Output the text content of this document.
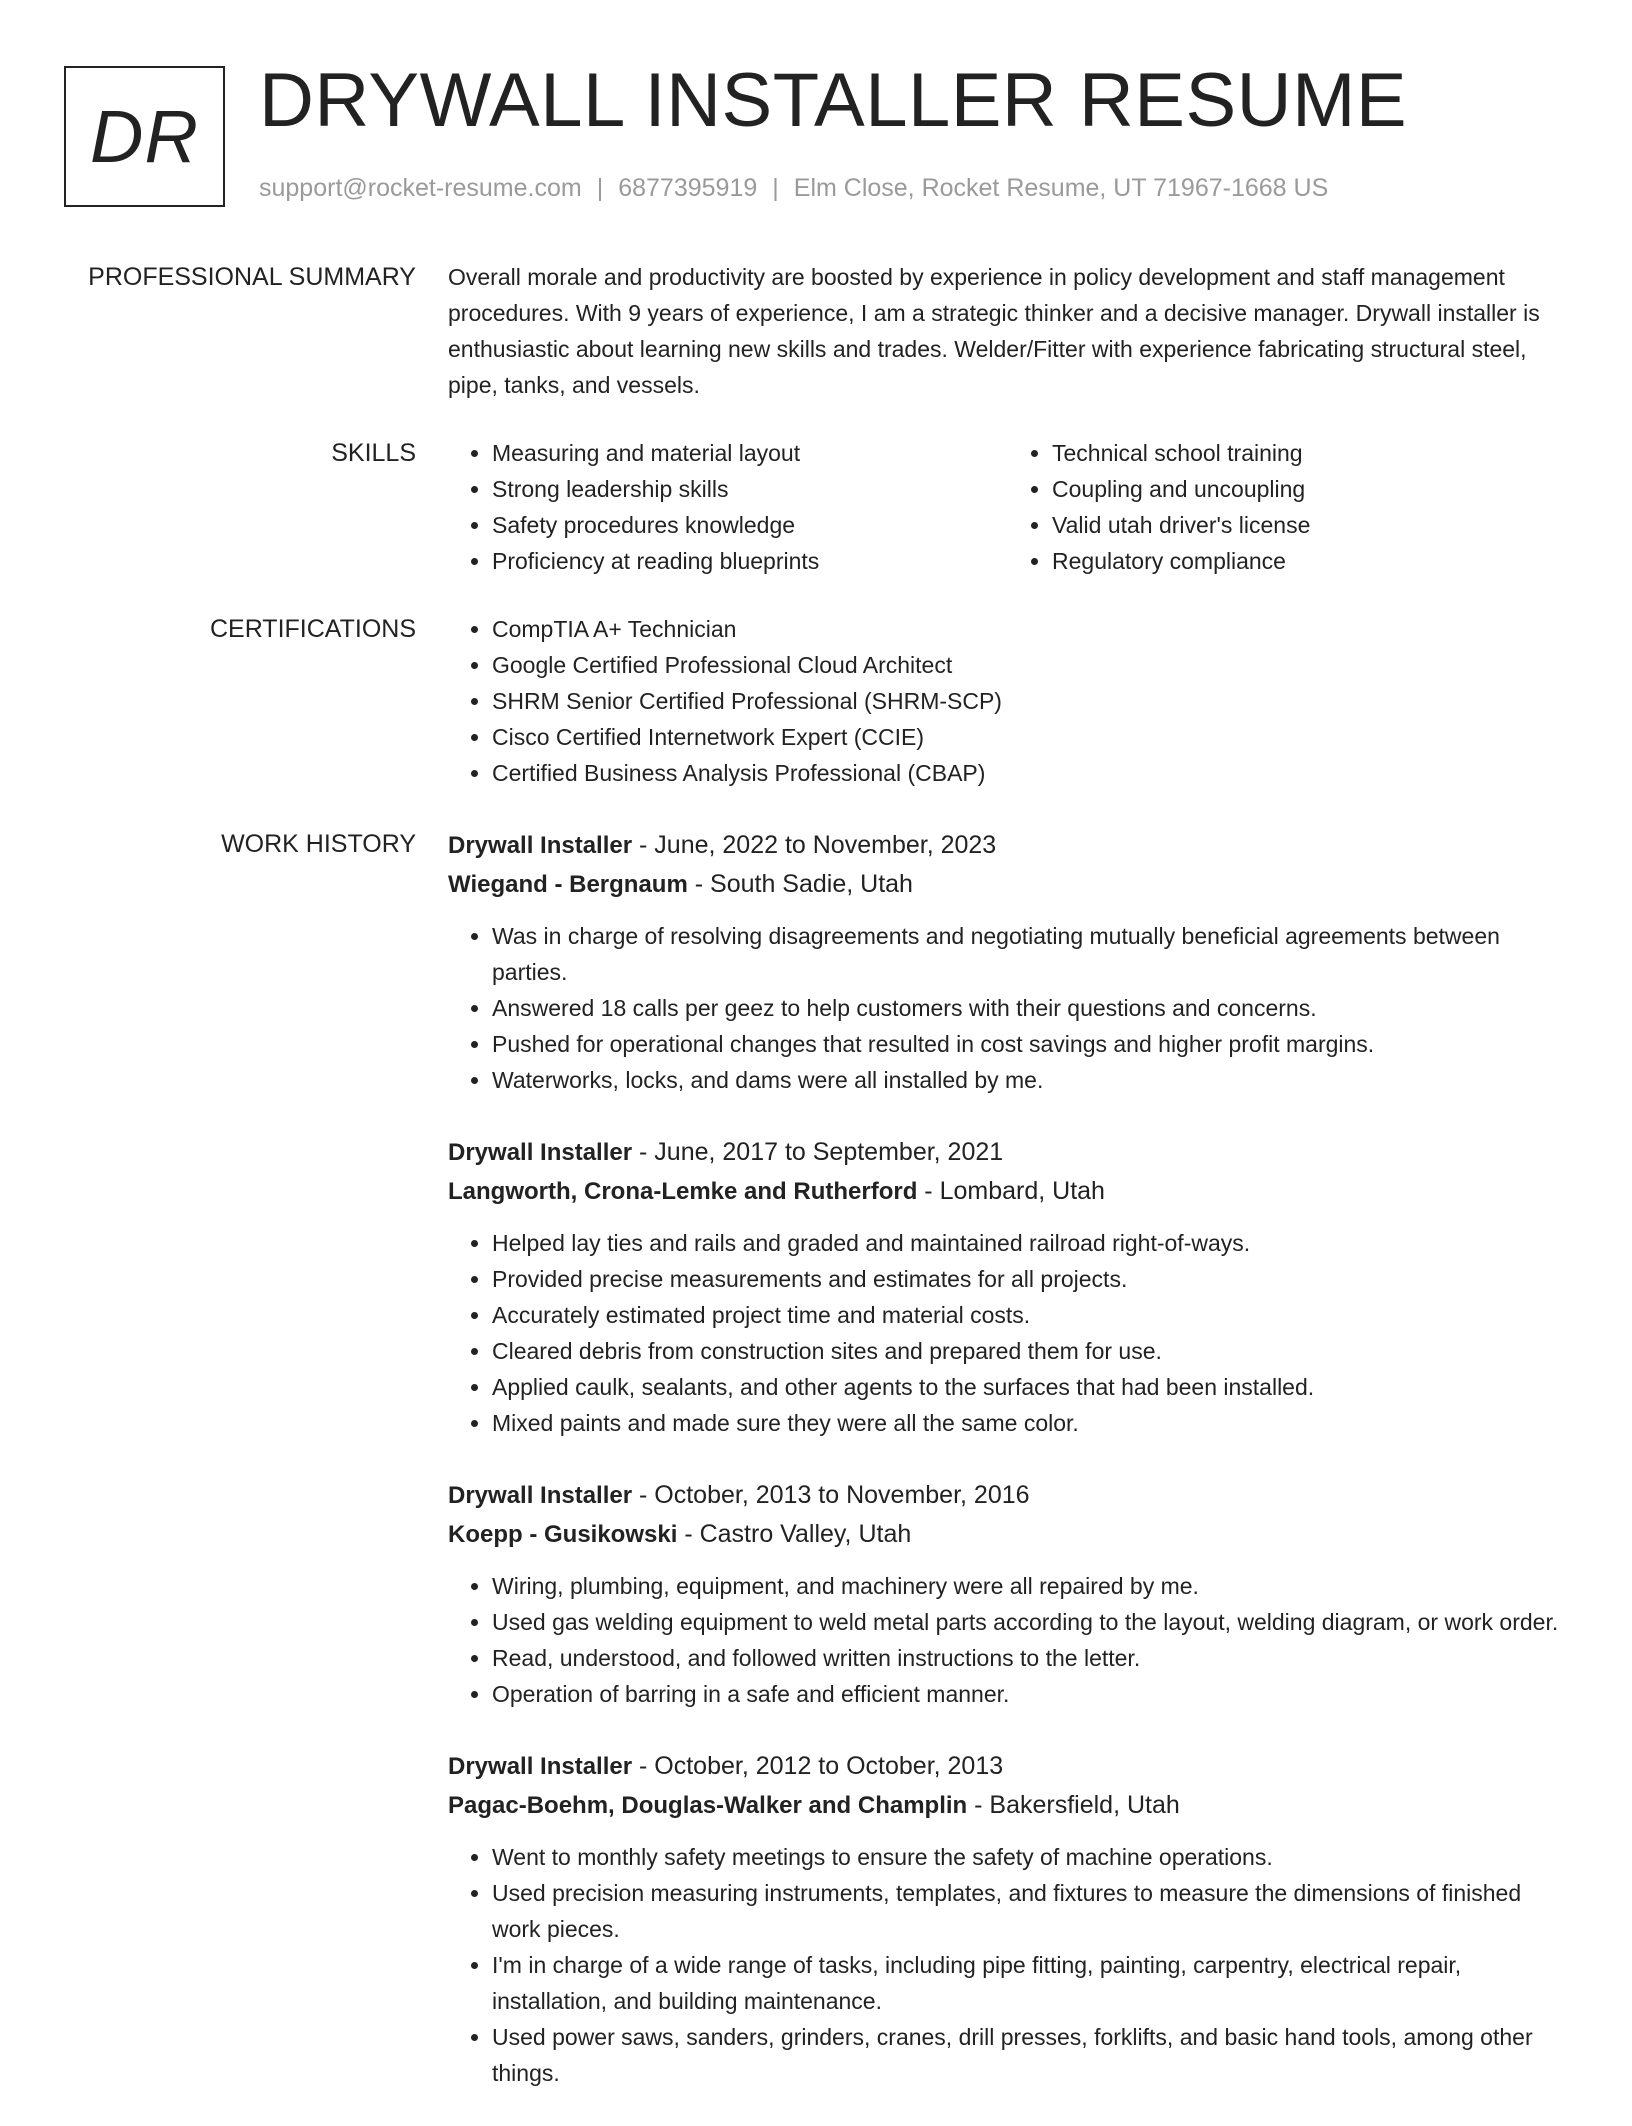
DR DRYWALL INSTALLER RESUME
support@rocket-resume.com | 6877395919 | Elm Close, Rocket Resume, UT 71967-1668 US
PROFESSIONAL SUMMARY Overall morale and productivity are boosted by experience in policy development and staff management procedures. With 9 years of experience, I am a strategic thinker and a decisive manager. Drywall installer is enthusiastic about learning new skills and trades. Welder/Fitter with experience fabricating structural steel, pipe, tanks, and vessels.

SKILLS	• Measuring and material layout
• Strong leadership skills
• Safety procedures knowledge
• Proficiency at reading blueprints
• Technical school training
• Coupling and uncoupling
• Valid utah driver's license
• Regulatory compliance
CERTIFICATIONS	• CompTIA A+ Technician
• Google Certified Professional Cloud Architect
• SHRM Senior Certified Professional (SHRM-SCP)
• Cisco Certified Internetwork Expert (CCIE)
• Certified Business Analysis Professional (CBAP)
WORK HISTORY Drywall Installer - June, 2022 to November, 2023
Wiegand - Bergnaum - South Sadie, Utah
• Was in charge of resolving disagreements and negotiating mutually beneficial agreements between parties.
• Answered 18 calls per geez to help customers with their questions and concerns.
• Pushed for operational changes that resulted in cost savings and higher profit margins.
• Waterworks, locks, and dams were all installed by me.
Drywall Installer - June, 2017 to September, 2021
Langworth, Crona-Lemke and Rutherford - Lombard, Utah
• Helped lay ties and rails and graded and maintained railroad right-of-ways.
• Provided precise measurements and estimates for all projects.
• Accurately estimated project time and material costs.
• Cleared debris from construction sites and prepared them for use.
• Applied caulk, sealants, and other agents to the surfaces that had been installed.
• Mixed paints and made sure they were all the same color.
Drywall Installer - October, 2013 to November, 2016
Koepp - Gusikowski - Castro Valley, Utah
• Wiring, plumbing, equipment, and machinery were all repaired by me.
• Used gas welding equipment to weld metal parts according to the layout, welding diagram, or work order.
• Read, understood, and followed written instructions to the letter.
• Operation of barring in a safe and efficient manner.
Drywall Installer - October, 2012 to October, 2013
Pagac-Boehm, Douglas-Walker and Champlin - Bakersfield, Utah
• Went to monthly safety meetings to ensure the safety of machine operations.
• Used precision measuring instruments, templates, and fixtures to measure the dimensions of finished work pieces.
• I'm in charge of a wide range of tasks, including pipe fitting, painting, carpentry, electrical repair, installation, and building maintenance.
• Used power saws, sanders, grinders, cranes, drill presses, forklifts, and basic hand tools, among other things.
